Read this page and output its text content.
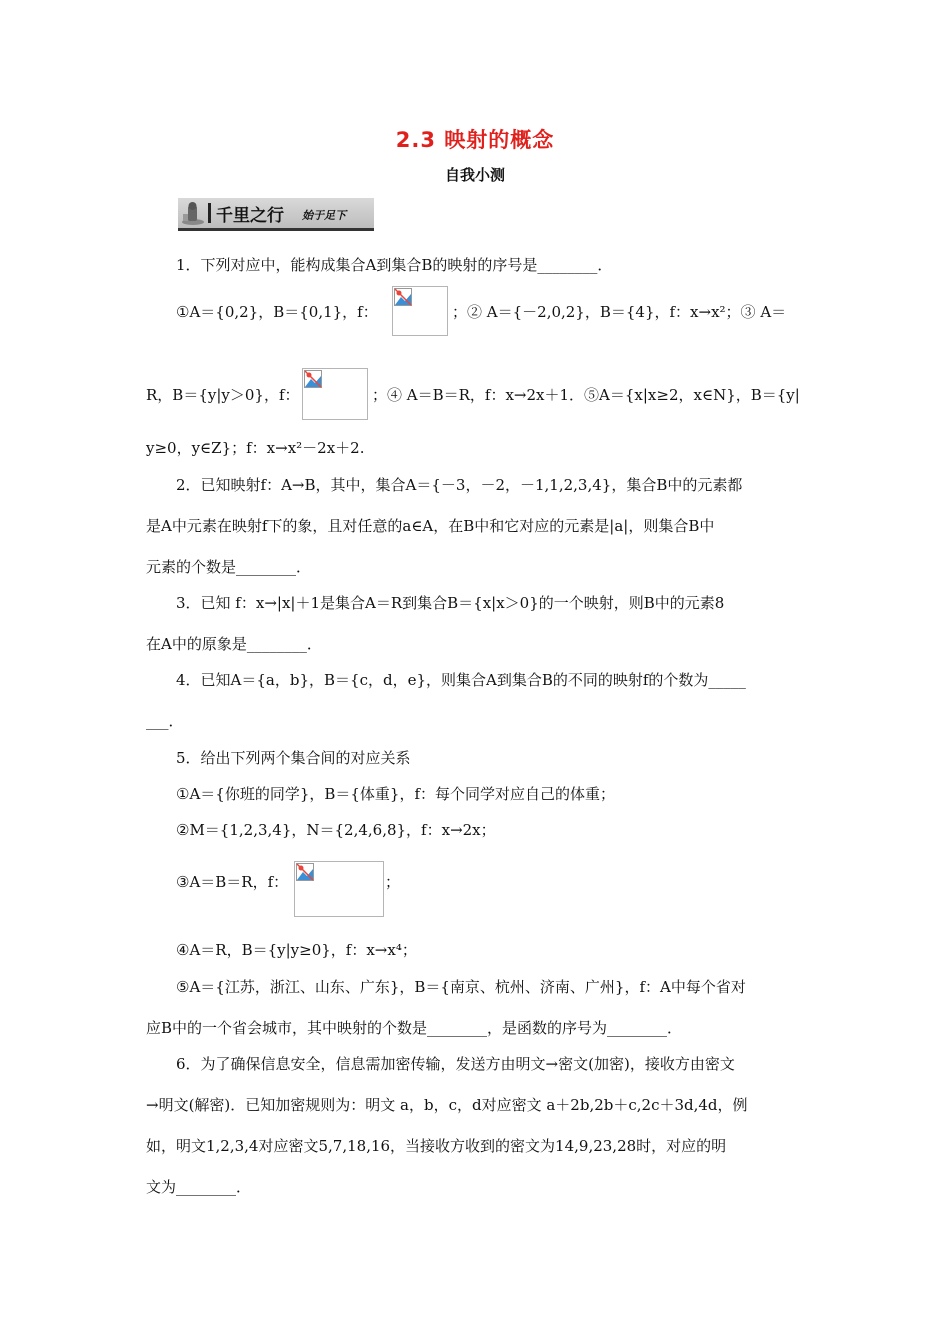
2.3 映射的概念
自我小测
千里之行 始于足下
1．下列对应中，能构成集合A到集合B的映射的序号是________．
①A＝{0,2}，B＝{0,1}，f：	；② A＝{－2,0,2}，B＝{4}，f：x→x²；③ A＝
R，B＝{y|y＞0}，f：	；④ A＝B＝R，f：x→2x＋1．⑤A＝{x|x≥2，x∈N}，B＝{y|
y≥0，y∈Z}；f：x→x²－2x＋2.
2．已知映射f：A→B，其中，集合A＝{－3，－2，－1,1,2,3,4}，集合B中的元素都
是A中元素在映射f下的象，且对任意的a∈A，在B中和它对应的元素是|a|，则集合B中
元素的个数是________．
3．已知 f：x→|x|＋1是集合A＝R到集合B＝{x|x＞0}的一个映射，则B中的元素8
在A中的原象是________．
4．已知A＝{a，b}，B＝{c，d，e}，则集合A到集合B的不同的映射f的个数为_____
___．
5．给出下列两个集合间的对应关系
①A＝{你班的同学}，B＝{体重}，f：每个同学对应自己的体重；
②M＝{1,2,3,4}，N＝{2,4,6,8}，f：x→2x；
③A＝B＝R，f：	；
④A＝R，B＝{y|y≥0}，f：x→x⁴；
⑤A＝{江苏，浙江、山东、广东}，B＝{南京、杭州、济南、广州}，f：A中每个省对
应B中的一个省会城市，其中映射的个数是________，是函数的序号为________．
6．为了确保信息安全，信息需加密传输，发送方由明文→密文(加密)，接收方由密文
→明文(解密)．已知加密规则为：明文 a，b，c，d对应密文 a＋2b,2b＋c,2c＋3d,4d，例
如，明文1,2,3,4对应密文5,7,18,16，当接收方收到的密文为14,9,23,28时，对应的明
文为________．
